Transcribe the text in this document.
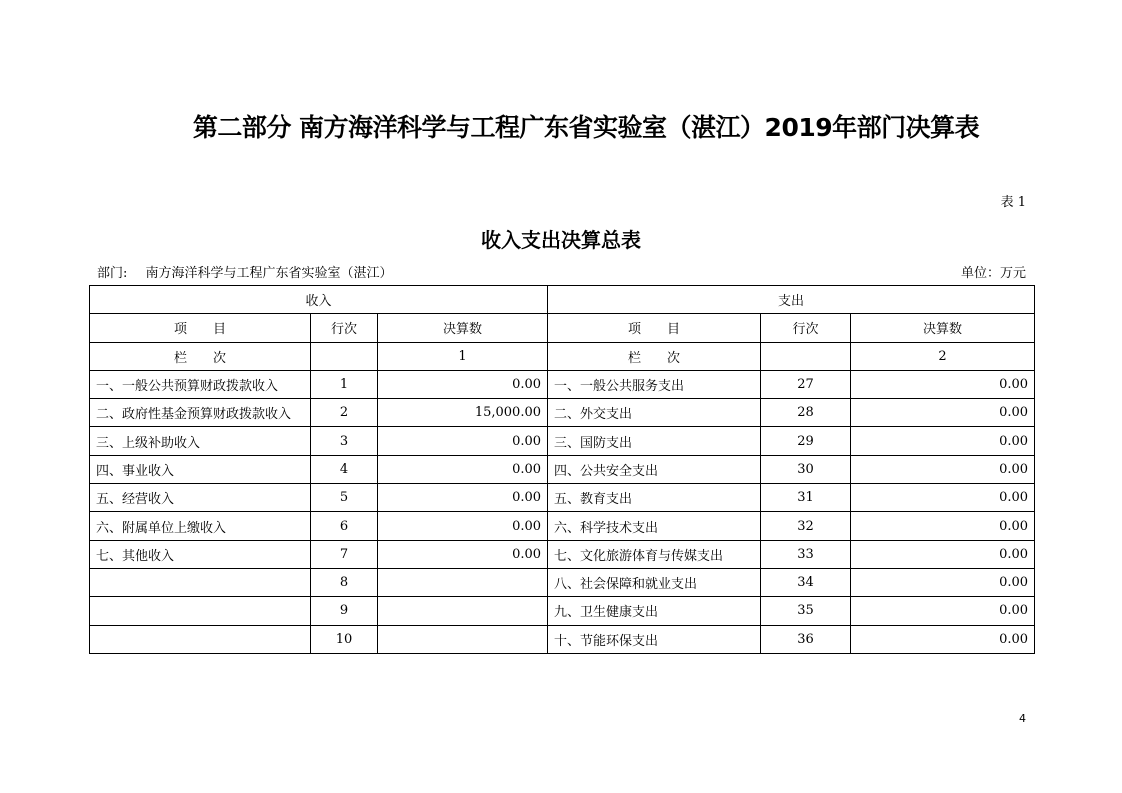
第二部分 南方海洋科学与工程广东省实验室（湛江）2019年部门决算表
表 1
收入支出决算总表
部门: 南方海洋科学与工程广东省实验室（湛江）	单位：万元
收入			支出		
项　　目	行次	决算数	项　　目	行次	决算数
栏　　次		1	栏　　次		2
一、一般公共预算财政拨款收入	1	0.00	一、一般公共服务支出	27	0.00
二、政府性基金预算财政拨款收入	2	15,000.00	二、外交支出	28	0.00
三、上级补助收入	3	0.00	三、国防支出	29	0.00
四、事业收入	4	0.00	四、公共安全支出	30	0.00
五、经营收入	5	0.00	五、教育支出	31	0.00
六、附属单位上缴收入	6	0.00	六、科学技术支出	32	0.00
七、其他收入	7	0.00	七、文化旅游体育与传媒支出	33	0.00
	8		八、社会保障和就业支出	34	0.00
	9		九、卫生健康支出	35	0.00
	10		十、节能环保支出	36	0.00
4
